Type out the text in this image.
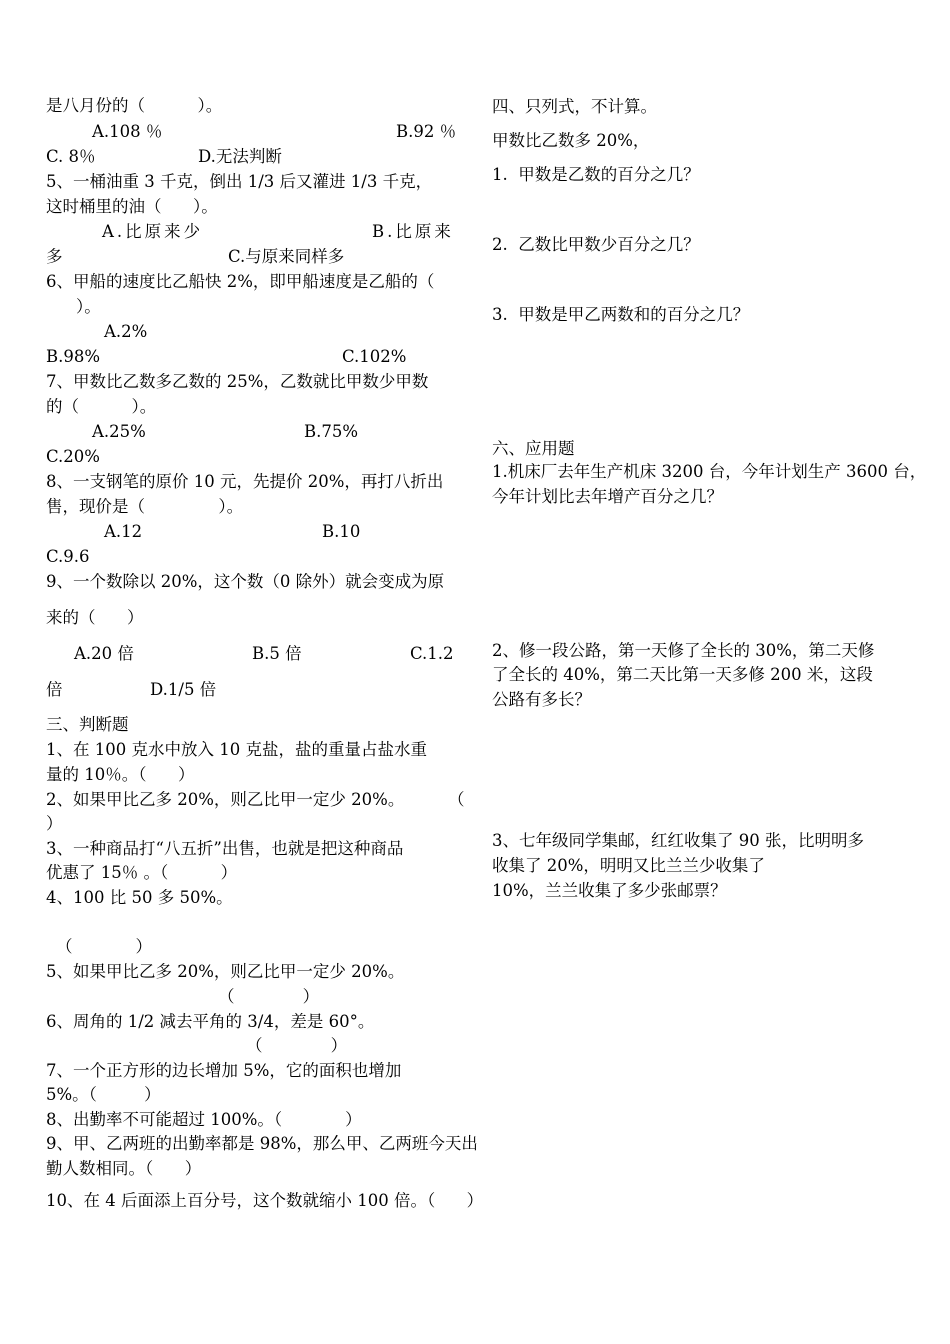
是八月份的（          ）。
A.108 ％	B.92 ％
C. 8％	D.无法判断
5、一桶油重 3 千克，倒出 1/3 后又灌进 1/3 千克，
这时桶里的油（      ）。
A.比原来少	B.比原来
多	C.与原来同样多
6、甲船的速度比乙船快 2%，即甲船速度是乙船的（
）。
A.2%
B.98%	C.102%
7、甲数比乙数多乙数的 25%，乙数就比甲数少甲数
的（          ）。
A.25%	B.75%
C.20%
8、一支钢笔的原价 10 元，先提价 20%，再打八折出
售，现价是（              ）。
A.12	B.10
C.9.6
9、一个数除以 20%，这个数（0 除外）就会变成为原
来的（      ）
A.20 倍	B.5 倍	C.1.2
倍	D.1/5 倍
三、判断题
1、在 100 克水中放入 10 克盐，盐的重量占盐水重
量的 10％。（      ）
2、如果甲比乙多 20%，则乙比甲一定少 20%。	（
）
3、一种商品打“八五折”出售，也就是把这种商品
优惠了 15％ 。（          ）
4、100 比 50 多 50%。
（            ）
5、如果甲比乙多 20%，则乙比甲一定少 20%。
（             ）
6、周角的 1/2 减去平角的 3/4，差是 60°。
（             ）
7、一个正方形的边长增加 5%，它的面积也增加
5%。（         ）
8、出勤率不可能超过 100%。（            ）
9、甲、乙两班的出勤率都是 98%，那么甲、乙两班今天出
勤人数相同。（      ）
10、在 4 后面添上百分号，这个数就缩小 100 倍。（      ）
四、只列式，不计算。
甲数比乙数多 20%，
1.  甲数是乙数的百分之几？
2.  乙数比甲数少百分之几？
3.  甲数是甲乙两数和的百分之几？
六、应用题
1.机床厂去年生产机床 3200 台，今年计划生产 3600 台，
今年计划比去年增产百分之几？
2、修一段公路，第一天修了全长的 30%，第二天修
了全长的 40%，第二天比第一天多修 200 米，这段
公路有多长？
3、七年级同学集邮，红红收集了 90 张，比明明多
收集了 20%，明明又比兰兰少收集了
10%，兰兰收集了多少张邮票？
